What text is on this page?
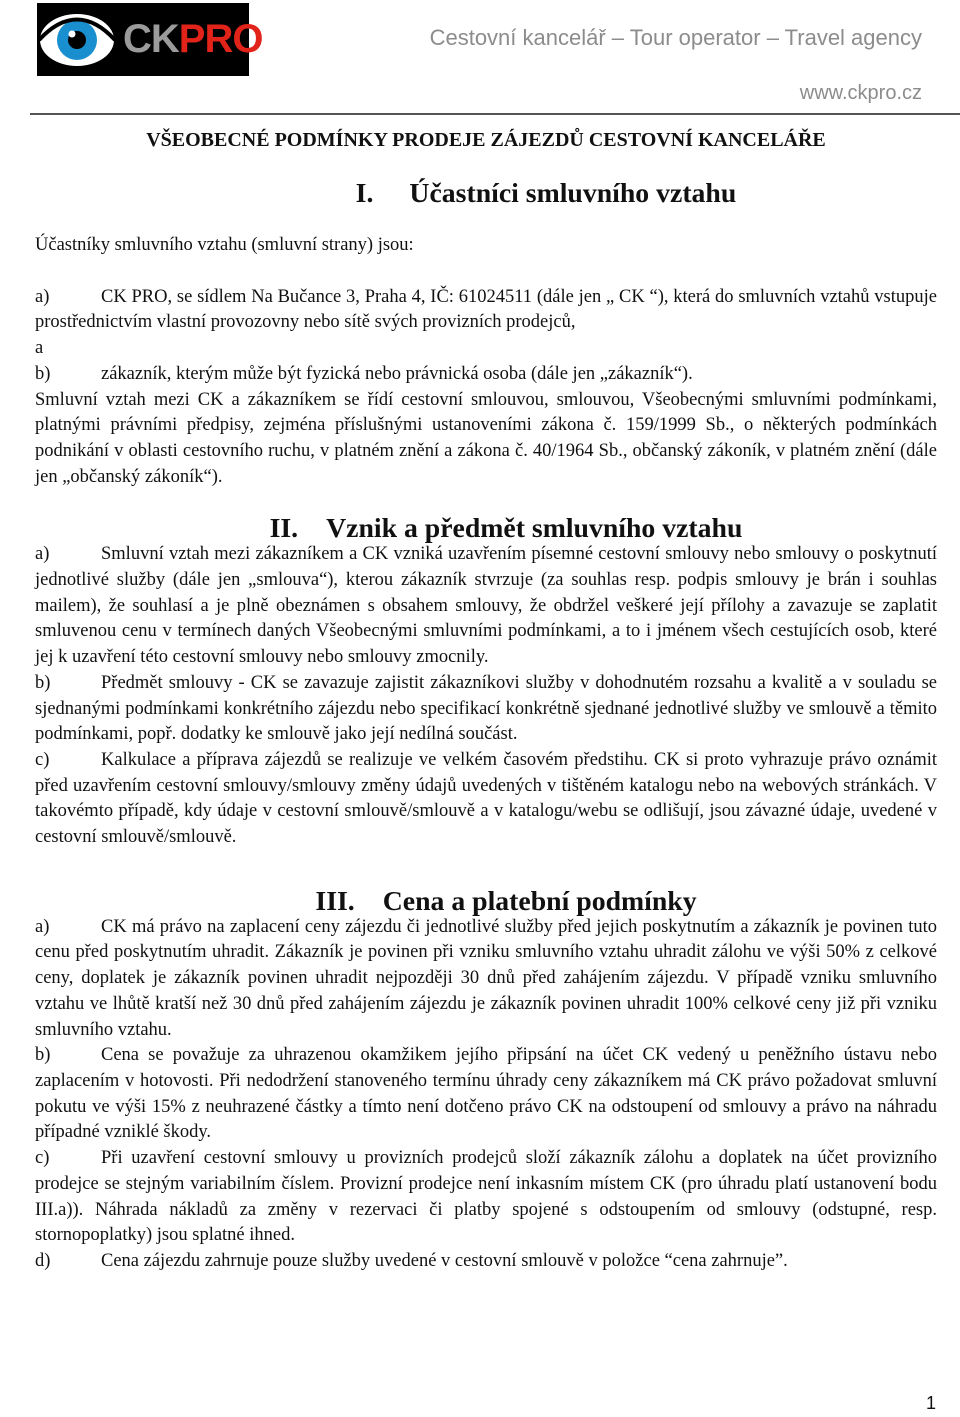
CKPRO	Cestovní kancelář – Tour operator – Travel agency
www.ckpro.cz
VŠEOBECNÉ PODMÍNKY PRODEJE ZÁJEZDŮ CESTOVNÍ KANCELÁŘE
I. Účastníci smluvního vztahu

Účastníky smluvního vztahu (smluvní strany) jsou:

a)	CK PRO, se sídlem Na Bučance 3, Praha 4, IČ: 61024511 (dále jen „ CK “), která do smluvních vztahů vstupuje prostřednictvím vlastní provozovny nebo sítě svých provizních prodejců,

a

b)	zákazník, kterým může být fyzická nebo právnická osoba (dále jen „zákazník“).

Smluvní vztah mezi CK a zákazníkem se řídí cestovní smlouvou, smlouvou, Všeobecnými smluvními podmínkami, platnými právními předpisy, zejména příslušnými ustanoveními zákona č. 159/1999 Sb., o některých podmínkách podnikání v oblasti cestovního ruchu, v platném znění a zákona č. 40/1964 Sb., občanský zákoník, v platném znění (dále jen „občanský zákoník“).

II. Vznik a předmět smluvního vztahu

a)	Smluvní vztah mezi zákazníkem a CK vzniká uzavřením písemné cestovní smlouvy nebo smlouvy o poskytnutí jednotlivé služby (dále jen „smlouva“), kterou zákazník stvrzuje (za souhlas resp. podpis smlouvy je brán i souhlas mailem), že souhlasí a je plně obeznámen s obsahem smlouvy, že obdržel veškeré její přílohy a zavazuje se zaplatit smluvenou cenu v termínech daných Všeobecnými smluvními podmínkami, a to i jménem všech cestujících osob, které jej k uzavření této cestovní smlouvy nebo smlouvy zmocnily.

b)	Předmět smlouvy - CK se zavazuje zajistit zákazníkovi služby v dohodnutém rozsahu a kvalitě a v souladu se sjednanými podmínkami konkrétního zájezdu nebo specifikací konkrétně sjednané jednotlivé služby ve smlouvě a těmito podmínkami, popř. dodatky ke smlouvě jako její nedílná součást.

c)	Kalkulace a příprava zájezdů se realizuje ve velkém časovém předstihu. CK si proto vyhrazuje právo oznámit před uzavřením cestovní smlouvy/smlouvy změny údajů uvedených v tištěném katalogu nebo na webových stránkách. V takovémto případě, kdy údaje v cestovní smlouvě/smlouvě a v katalogu/webu se odlišují, jsou závazné údaje, uvedené v cestovní smlouvě/smlouvě.

III. Cena a platební podmínky

a)	CK má právo na zaplacení ceny zájezdu či jednotlivé služby před jejich poskytnutím a zákazník je povinen tuto cenu před poskytnutím uhradit. Zákazník je povinen při vzniku smluvního vztahu uhradit zálohu ve výši 50% z celkové ceny, doplatek je zákazník povinen uhradit nejpozději 30 dnů před zahájením zájezdu. V případě vzniku smluvního vztahu ve lhůtě kratší než 30 dnů před zahájením zájezdu je zákazník povinen uhradit 100% celkové ceny již při vzniku smluvního vztahu.

b)	Cena se považuje za uhrazenou okamžikem jejího připsání na účet CK vedený u peněžního ústavu nebo zaplacením v hotovosti. Při nedodržení stanoveného termínu úhrady ceny zákazníkem má CK právo požadovat smluvní pokutu ve výši 15% z neuhrazené částky a tímto není dotčeno právo CK na odstoupení od smlouvy a právo na náhradu případné vzniklé škody.

c)	Při uzavření cestovní smlouvy u provizních prodejců složí zákazník zálohu a doplatek na účet provizního prodejce se stejným variabilním číslem. Provizní prodejce není inkasním místem CK (pro úhradu platí ustanovení bodu III.a)). Náhrada nákladů za změny v rezervaci či platby spojené s odstoupením od smlouvy (odstupné, resp. stornopoplatky) jsou splatné ihned.

d)	Cena zájezdu zahrnuje pouze služby uvedené v cestovní smlouvě v položce “cena zahrnuje”.

1
